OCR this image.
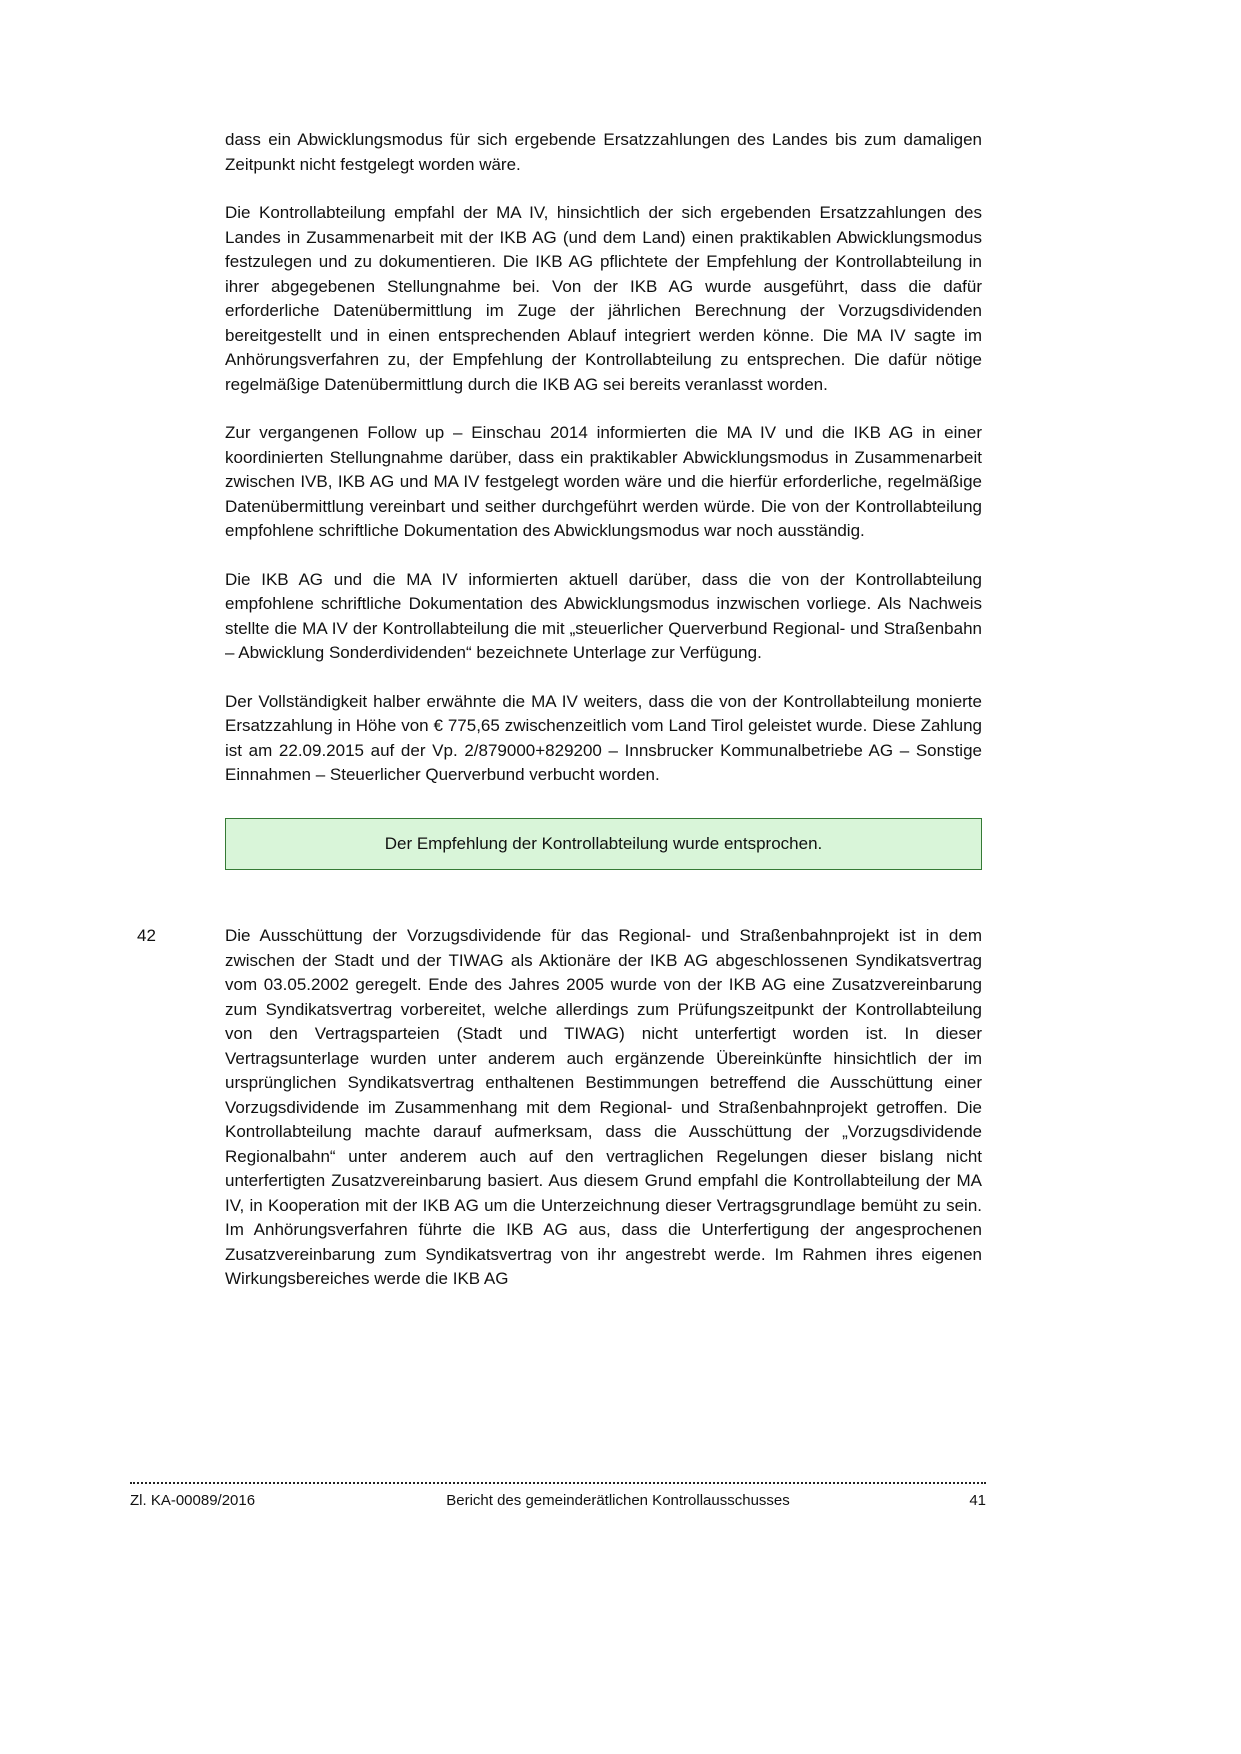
dass ein Abwicklungsmodus für sich ergebende Ersatzzahlungen des Landes bis zum damaligen Zeitpunkt nicht festgelegt worden wäre.

Die Kontrollabteilung empfahl der MA IV, hinsichtlich der sich ergebenden Ersatzzahlungen des Landes in Zusammenarbeit mit der IKB AG (und dem Land) einen praktikablen Abwicklungsmodus festzulegen und zu dokumentieren. Die IKB AG pflichtete der Empfehlung der Kontrollabteilung in ihrer abgegebenen Stellungnahme bei. Von der IKB AG wurde ausgeführt, dass die dafür erforderliche Datenübermittlung im Zuge der jährlichen Berechnung der Vorzugsdividenden bereitgestellt und in einen entsprechenden Ablauf integriert werden könne. Die MA IV sagte im Anhörungsverfahren zu, der Empfehlung der Kontrollabteilung zu entsprechen. Die dafür nötige regelmäßige Datenübermittlung durch die IKB AG sei bereits veranlasst worden.

Zur vergangenen Follow up – Einschau 2014 informierten die MA IV und die IKB AG in einer koordinierten Stellungnahme darüber, dass ein praktikabler Abwicklungsmodus in Zusammenarbeit zwischen IVB, IKB AG und MA IV festgelegt worden wäre und die hierfür erforderliche, regelmäßige Datenübermittlung vereinbart und seither durchgeführt werden würde. Die von der Kontrollabteilung empfohlene schriftliche Dokumentation des Abwicklungsmodus war noch ausständig.

Die IKB AG und die MA IV informierten aktuell darüber, dass die von der Kontrollabteilung empfohlene schriftliche Dokumentation des Abwicklungsmodus inzwischen vorliege. Als Nachweis stellte die MA IV der Kontrollabteilung die mit „steuerlicher Querverbund Regional- und Straßenbahn – Abwicklung Sonderdividenden“ bezeichnete Unterlage zur Verfügung.

Der Vollständigkeit halber erwähnte die MA IV weiters, dass die von der Kontrollabteilung monierte Ersatzzahlung in Höhe von € 775,65 zwischenzeitlich vom Land Tirol geleistet wurde. Diese Zahlung ist am 22.09.2015 auf der Vp. 2/879000+829200 – Innsbrucker Kommunalbetriebe AG – Sonstige Einnahmen – Steuerlicher Querverbund verbucht worden.

Der Empfehlung der Kontrollabteilung wurde entsprochen.
42	Die Ausschüttung der Vorzugsdividende für das Regional- und Straßenbahnprojekt ist in dem zwischen der Stadt und der TIWAG als Aktionäre der IKB AG abgeschlossenen Syndikatsvertrag vom 03.05.2002 geregelt. Ende des Jahres 2005 wurde von der IKB AG eine Zusatzvereinbarung zum Syndikatsvertrag vorbereitet, welche allerdings zum Prüfungszeitpunkt der Kontrollabteilung von den Vertragsparteien (Stadt und TIWAG) nicht unterfertigt worden ist. In dieser Vertragsunterlage wurden unter anderem auch ergänzende Übereinkünfte hinsichtlich der im ursprünglichen Syndikatsvertrag enthaltenen Bestimmungen betreffend die Ausschüttung einer Vorzugsdividende im Zusammenhang mit dem Regional- und Straßenbahnprojekt getroffen. Die Kontrollabteilung machte darauf aufmerksam, dass die Ausschüttung der „Vorzugsdividende Regionalbahn“ unter anderem auch auf den vertraglichen Regelungen dieser bislang nicht unterfertigten Zusatzvereinbarung basiert. Aus diesem Grund empfahl die Kontrollabteilung der MA IV, in Kooperation mit der IKB AG um die Unterzeichnung dieser Vertragsgrundlage bemüht zu sein. Im Anhörungsverfahren führte die IKB AG aus, dass die Unterfertigung der angesprochenen Zusatzvereinbarung zum Syndikatsvertrag von ihr angestrebt werde. Im Rahmen ihres eigenen Wirkungsbereiches werde die IKB AG

Zl. KA-00089/2016	Bericht des gemeinderätlichen Kontrollausschusses	41
